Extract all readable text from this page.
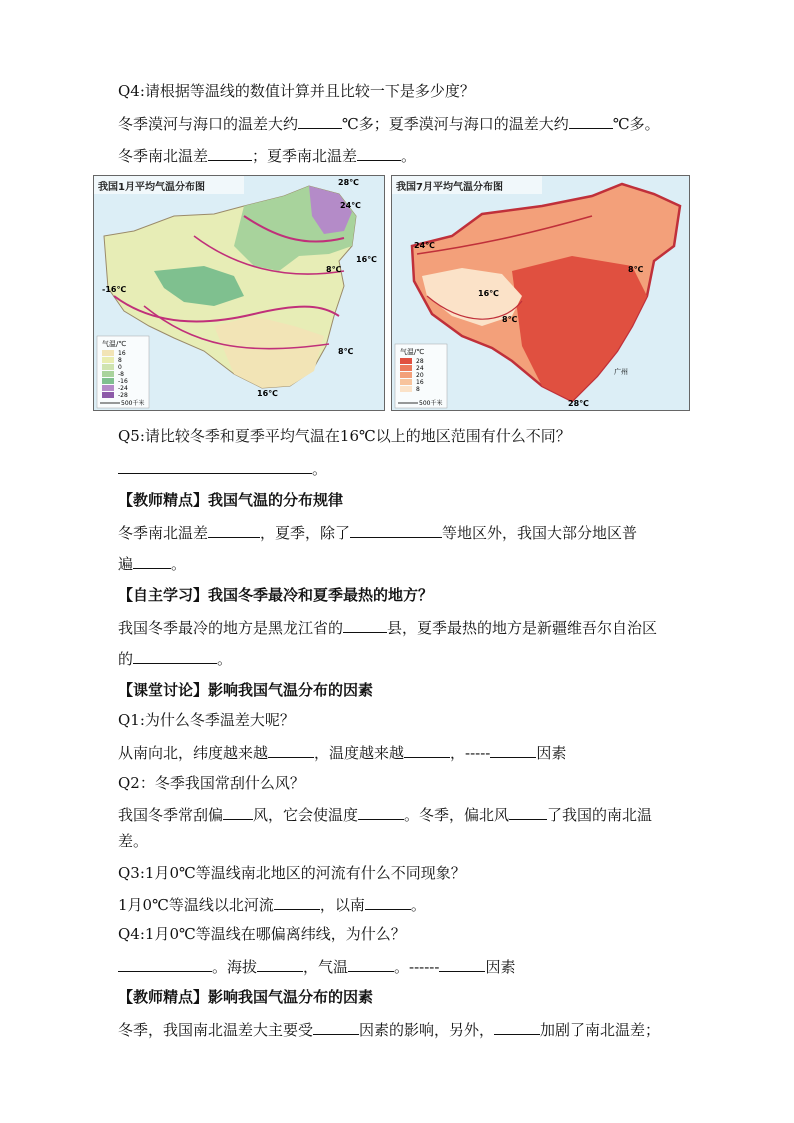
Q4:请根据等温线的数值计算并且比较一下是多少度？
冬季漠河与海口的温差大约	℃多；夏季漠河与海口的温差大约	℃多。
冬季南北温差	；夏季南北温差	。
我国1月平均气温分布图	28℃
24℃
-16℃
8℃
16℃
8℃
16℃
气温/℃
16
8
0
-8
-16
-24
-28
500千米
我国7月平均气温分布图
24℃
16℃
8℃
8℃
28℃
广州
气温/℃
28
24
20
16
8
500千米
Q5:请比较冬季和夏季平均气温在16℃以上的地区范围有什么不同？
。
【教师精点】我国气温的分布规律
冬季南北温差	，夏季，除了	等地区外，我国大部分地区普
遍	。
【自主学习】我国冬季最冷和夏季最热的地方？
我国冬季最冷的地方是黑龙江省的	县，夏季最热的地方是新疆维吾尔自治区
的	。
【课堂讨论】影响我国气温分布的因素
Q1:为什么冬季温差大呢？
从南向北，纬度越来越	，温度越来越	，-----	因素
Q2：冬季我国常刮什么风？
我国冬季常刮偏 风，它会使温度	。冬季，偏北风	了我国的南北温
差。
Q3:1月0℃等温线南北地区的河流有什么不同现象？
1月0℃等温线以北河流	，以南	。
Q4:1月0℃等温线在哪偏离纬线，为什么？
。海拔	，气温	。------	因素
【教师精点】影响我国气温分布的因素
冬季，我国南北温差大主要受	因素的影响，另外，	加剧了南北温差；
